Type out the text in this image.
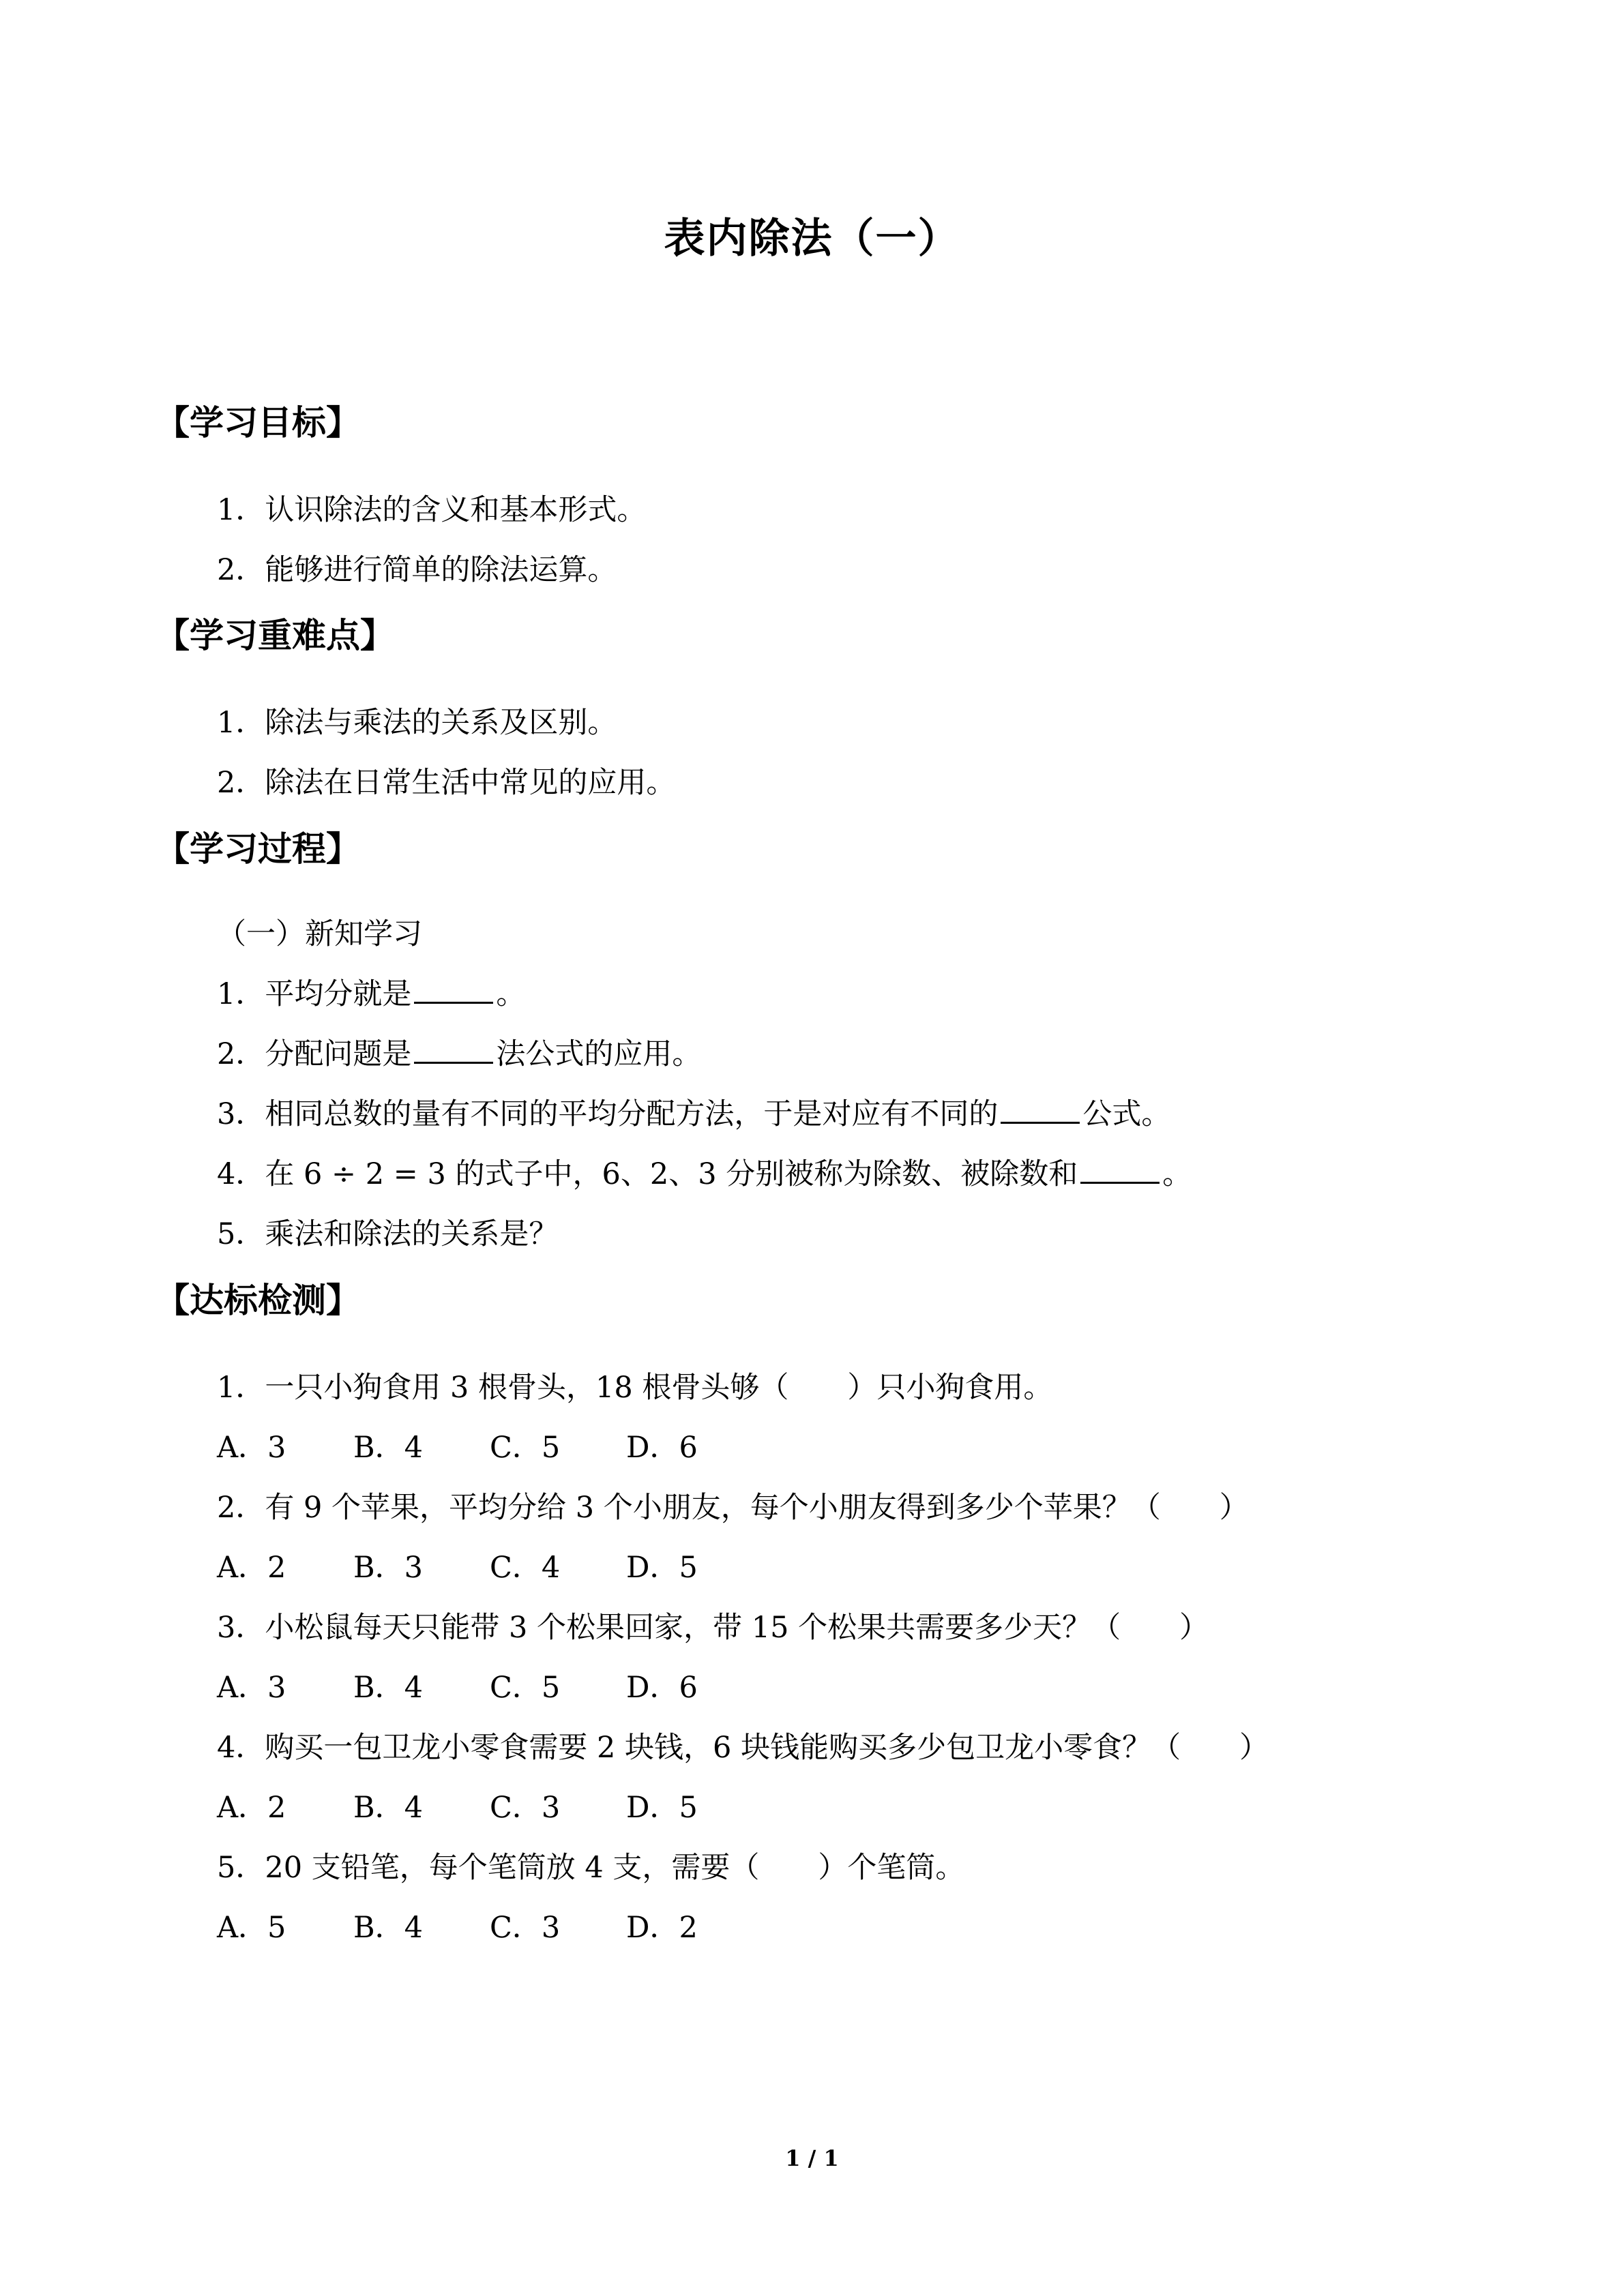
表内除法（一）
【学习目标】
1．认识除法的含义和基本形式。
2．能够进行简单的除法运算。
【学习重难点】
1．除法与乘法的关系及区别。
2．除法在日常生活中常见的应用。
【学习过程】
（一）新知学习
1．平均分就是	。
2．分配问题是	法公式的应用。
3．相同总数的量有不同的平均分配方法，于是对应有不同的	公式。
4．在 6 ÷ 2 = 3 的式子中，6、2、3 分别被称为除数、被除数和	。
5．乘法和除法的关系是？
【达标检测】
1．一只小狗食用 3 根骨头，18 根骨头够（　　）只小狗食用。
A．3	B．4	C．5	D．6
2．有 9 个苹果，平均分给 3 个小朋友，每个小朋友得到多少个苹果？（　　）
A．2	B．3	C．4	D．5
3．小松鼠每天只能带 3 个松果回家，带 15 个松果共需要多少天？（　　）
A．3	B．4	C．5	D．6
4．购买一包卫龙小零食需要 2 块钱，6 块钱能购买多少包卫龙小零食？（　　）
A．2	B．4	C．3	D．5
5．20 支铅笔，每个笔筒放 4 支，需要（　　）个笔筒。
A．5	B．4	C．3	D．2
1 / 1
